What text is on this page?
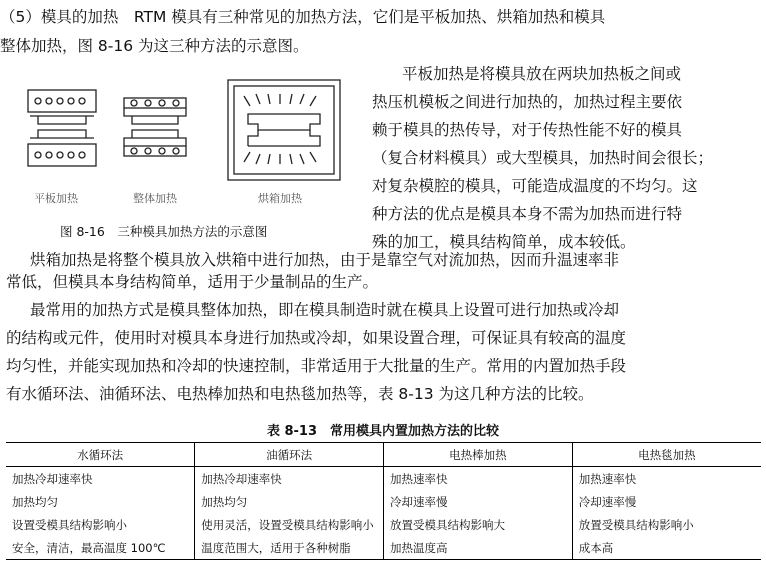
（5）模具的加热　RTM 模具有三种常见的加热方法，它们是平板加热、烘箱加热和模具
整体加热，图 8-16 为这三种方法的示意图。
平板加热是将模具放在两块加热板之间或
热压机模板之间进行加热的，加热过程主要依
赖于模具的热传导，对于传热性能不好的模具
（复合材料模具）或大型模具，加热时间会很长；
对复杂模腔的模具，可能造成温度的不均匀。这
种方法的优点是模具本身不需为加热而进行特
殊的加工，模具结构简单，成本较低。
平板加热	整体加热	烘箱加热
图 8-16　三种模具加热方法的示意图
烘箱加热是将整个模具放入烘箱中进行加热，由于是靠空气对流加热，因而升温速率非
常低，但模具本身结构简单，适用于少量制品的生产。
最常用的加热方式是模具整体加热，即在模具制造时就在模具上设置可进行加热或冷却
的结构或元件，使用时对模具本身进行加热或冷却，如果设置合理，可保证具有较高的温度
均匀性，并能实现加热和冷却的快速控制，非常适用于大批量的生产。常用的内置加热手段
有水循环法、油循环法、电热棒加热和电热毯加热等，表 8-13 为这几种方法的比较。
表 8-13　常用模具内置加热方法的比较
水循环法	油循环法	电热棒加热	电热毯加热
加热冷却速率快	加热冷却速率快	加热速率快	加热速率快
加热均匀	加热均匀	冷却速率慢	冷却速率慢
设置受模具结构影响小	使用灵活，设置受模具结构影响小	放置受模具结构影响大	放置受模具结构影响小
安全，清洁，最高温度 100℃	温度范围大，适用于各种树脂	加热温度高	成本高
